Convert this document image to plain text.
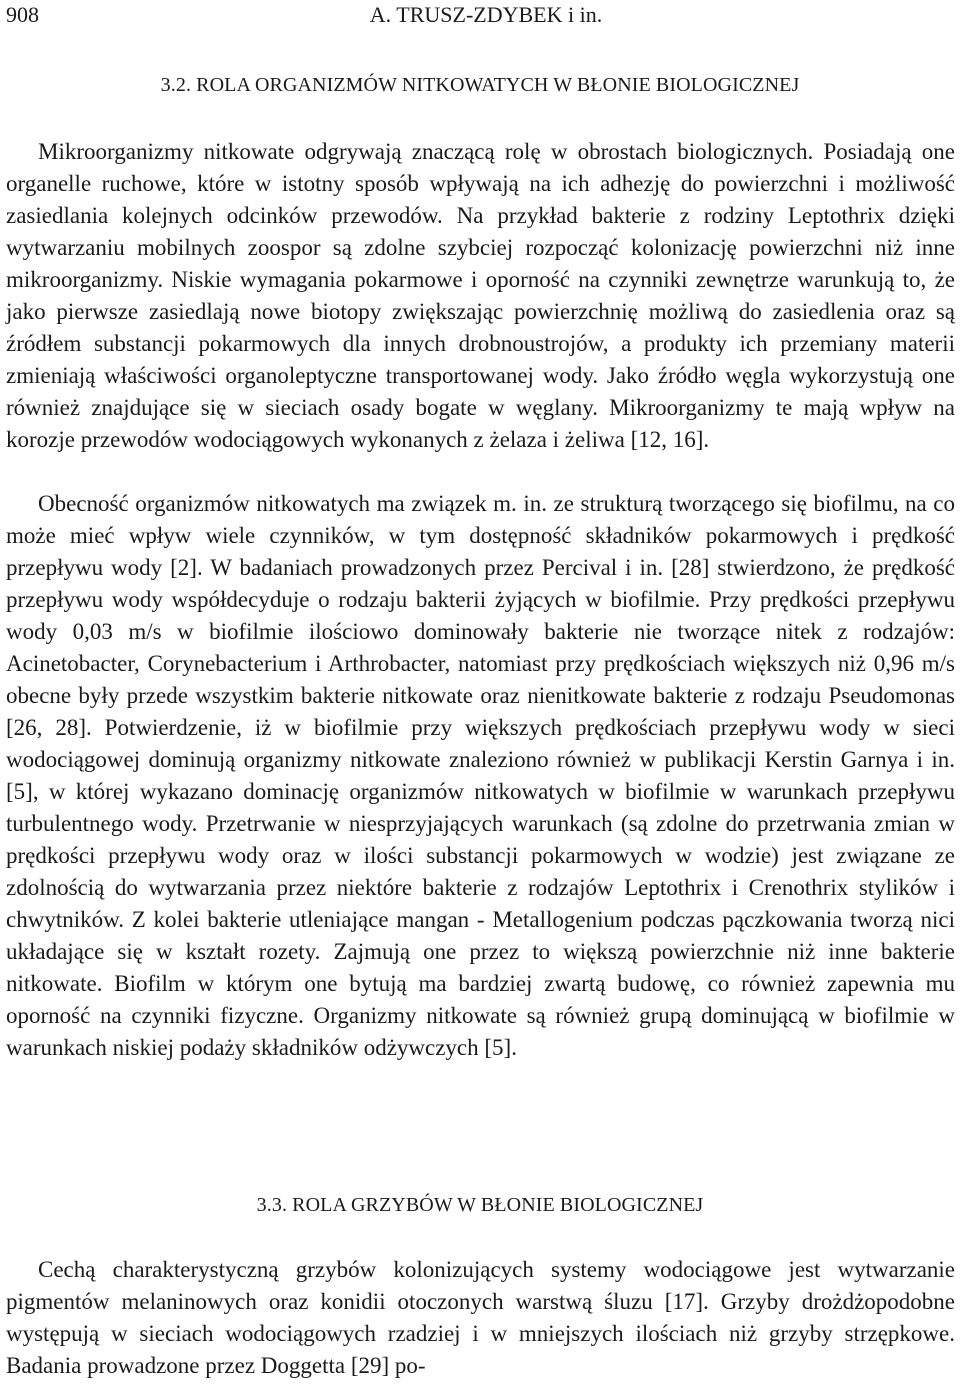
908	A. TRUSZ-ZDYBEK i in.
3.2. ROLA ORGANIZMÓW NITKOWATYCH W BŁONIE BIOLOGICZNEJ

Mikroorganizmy nitkowate odgrywają znaczącą rolę w obrostach biologicznych. Posiadają one organelle ruchowe, które w istotny sposób wpływają na ich adhezję do powierzchni i możliwość zasiedlania kolejnych odcinków przewodów. Na przykład bakterie z rodziny Leptothrix dzięki wytwarzaniu mobilnych zoospor są zdolne szybciej rozpocząć kolonizację powierzchni niż inne mikroorganizmy. Niskie wymagania pokarmowe i oporność na czynniki zewnętrze warunkują to, że jako pierwsze zasiedlają nowe biotopy zwiększając powierzchnię możliwą do zasiedlenia oraz są źródłem substancji pokarmowych dla innych drobnoustrojów, a produkty ich przemiany materii zmieniają właściwości organoleptyczne transportowanej wody. Jako źródło węgla wykorzystują one również znajdujące się w sieciach osady bogate w węglany. Mikroorganizmy te mają wpływ na korozje przewodów wodociągowych wykonanych z żelaza i żeliwa [12, 16].

Obecność organizmów nitkowatych ma związek m. in. ze strukturą tworzącego się biofilmu, na co może mieć wpływ wiele czynników, w tym dostępność składników pokarmowych i prędkość przepływu wody [2]. W badaniach prowadzonych przez Percival i in. [28] stwierdzono, że prędkość przepływu wody współdecyduje o rodzaju bakterii żyjących w biofilmie. Przy prędkości przepływu wody 0,03 m/s w biofilmie ilościowo dominowały bakterie nie tworzące nitek z rodzajów: Acinetobacter, Corynebacterium i Arthrobacter, natomiast przy prędkościach większych niż 0,96 m/s obecne były przede wszystkim bakterie nitkowate oraz nienitkowate bakterie z rodzaju Pseudomonas [26, 28]. Potwierdzenie, iż w biofilmie przy większych prędkościach przepływu wody w sieci wodociągowej dominują organizmy nitkowate znaleziono również w publikacji Kerstin Garnya i in. [5], w której wykazano dominację organizmów nitkowatych w biofilmie w warunkach przepływu turbulentnego wody. Przetrwanie w niesprzyjających warunkach (są zdolne do przetrwania zmian w prędkości przepływu wody oraz w ilości substancji pokarmowych w wodzie) jest związane ze zdolnością do wytwarzania przez niektóre bakterie z rodzajów Leptothrix i Crenothrix stylików i chwytników. Z kolei bakterie utleniające mangan - Metallogenium podczas pączkowania tworzą nici układające się w kształt rozety. Zajmują one przez to większą powierzchnie niż inne bakterie nitkowate. Biofilm w którym one bytują ma bardziej zwartą budowę, co również zapewnia mu oporność na czynniki fizyczne. Organizmy nitkowate są również grupą dominującą w biofilmie w warunkach niskiej podaży składników odżywczych [5].

3.3. ROLA GRZYBÓW W BŁONIE BIOLOGICZNEJ

Cechą charakterystyczną grzybów kolonizujących systemy wodociągowe jest wytwarzanie pigmentów melaninowych oraz konidii otoczonych warstwą śluzu [17]. Grzyby drożdżopodobne występują w sieciach wodociągowych rzadziej i w mniejszych ilościach niż grzyby strzępkowe. Badania prowadzone przez Doggetta [29] po-
